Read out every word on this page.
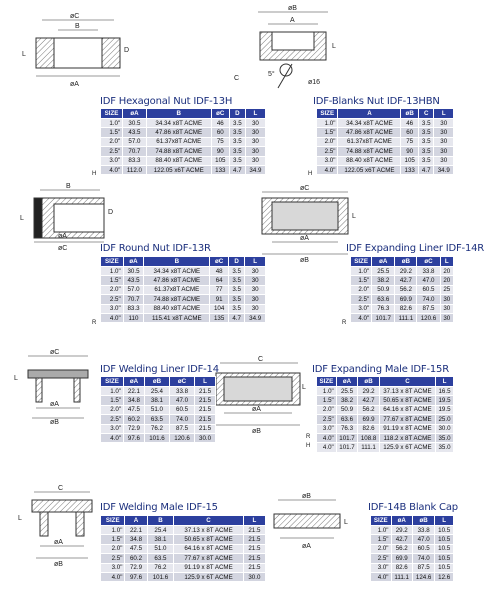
øC
B
L
D
øA
øB
A
L
C
5°
ø16
B
L
D
øA
øC
øC
L
øA
øB
øC
L
øA
øB
C
L
øA
øB
C
L
øA
øB
øB
L
øA
IDF Hexagonal Nut IDF-13H	IDF-Blanks Nut IDF-13HBN
IDF Round Nut IDF-13R	IDF Expanding Liner IDF-14R
IDF Welding Liner IDF-14	IDF Expanding Male IDF-15R
IDF Welding Male IDF-15	IDF-14B Blank Cap
SIZE	øA	B	øC	D	L
1.0"	30.5	34.34 x8T ACME	46	3.5	30
1.5"	43.5	47.86 x8T ACME	60	3.5	30
2.0"	57.0	61.37x8T ACME	75	3.5	30
2.5"	70.7	74.88 x8T ACME	90	3.5	30
3.0"	83.3	88.40 x8T ACME	105	3.5	30
4.0"	112.0	122.05 x6T ACME	133	4.7	34.9
H
SIZE	A	øB	C	L
1.0"	34.34 x8T ACME	46	3.5	30
1.5"	47.86 x8T ACME	60	3.5	30
2.0"	61.37x8T ACME	75	3.5	30
2.5"	74.88 x8T ACME	90	3.5	30
3.0"	88.40 x8T ACME	105	3.5	30
4.0"	122.05 x6T ACME	133	4.7	34.9
H
SIZE	øA	B	øC	D	L
1.0"	30.5	34.34 x8T ACME	48	3.5	30
1.5"	43.5	47.86 x8T ACME	64	3.5	30
2.0"	57.0	61.37x8T ACME	77	3.5	30
2.5"	70.7	74.88 x8T ACME	91	3.5	30
3.0"	83.3	88.40 x8T ACME	104	3.5	30
4.0"	110	115.41 x8T ACME	135	4.7	34.9
R
SIZE	øA	øB	øC	L
1.0"	25.5	29.2	33.8	20
1.5"	38.2	42.7	47.0	20
2.0"	50.9	56.2	60.5	25
2.5"	63.6	69.9	74.0	30
3.0"	76.3	82.6	87.5	30
4.0"	101.7	111.1	120.6	30
R
SIZE	øA	øB	øC	L
1.0"	22.1	25.4	33.8	21.5
1.5"	34.8	38.1	47.0	21.5
2.0"	47.5	51.0	60.5	21.5
2.5"	60.2	63.5	74.0	21.5
3.0"	72.9	76.2	87.5	21.5
4.0"	97.6	101.6	120.6	30.0
SIZE	øA	øB	C	L
1.0"	25.5	29.2	37.13 x 8T ACME	16.5
1.5"	38.2	42.7	50.65 x 8T ACME	19.5
2.0"	50.9	56.2	64.16 x 8T ACME	19.5
2.5"	63.6	69.9	77.67 x 8T ACME	25.0
3.0"	76.3	82.6	91.19 x 8T ACME	30.0
4.0"	101.7	108.8	118.2 x 8T ACME	35.0
4.0"	101.7	111.1	125.9 x 6T ACME	35.0
R
H
SIZE	A	B	C	L
1.0"	22.1	25.4	37.13 x 8T ACME	21.5
1.5"	34.8	38.1	50.65 x 8T ACME	21.5
2.0"	47.5	51.0	64.16 x 8T ACME	21.5
2.5"	60.2	63.5	77.67 x 8T ACME	21.5
3.0"	72.9	76.2	91.19 x 8T ACME	21.5
4.0"	97.6	101.6	125.9 x 6T ACME	30.0
SIZE	øA	øB	L
1.0"	29.2	33.8	10.5
1.5"	42.7	47.0	10.5
2.0"	56.2	60.5	10.5
2.5"	69.9	74.0	10.5
3.0"	82.6	87.5	10.5
4.0"	111.1	124.6	12.6
